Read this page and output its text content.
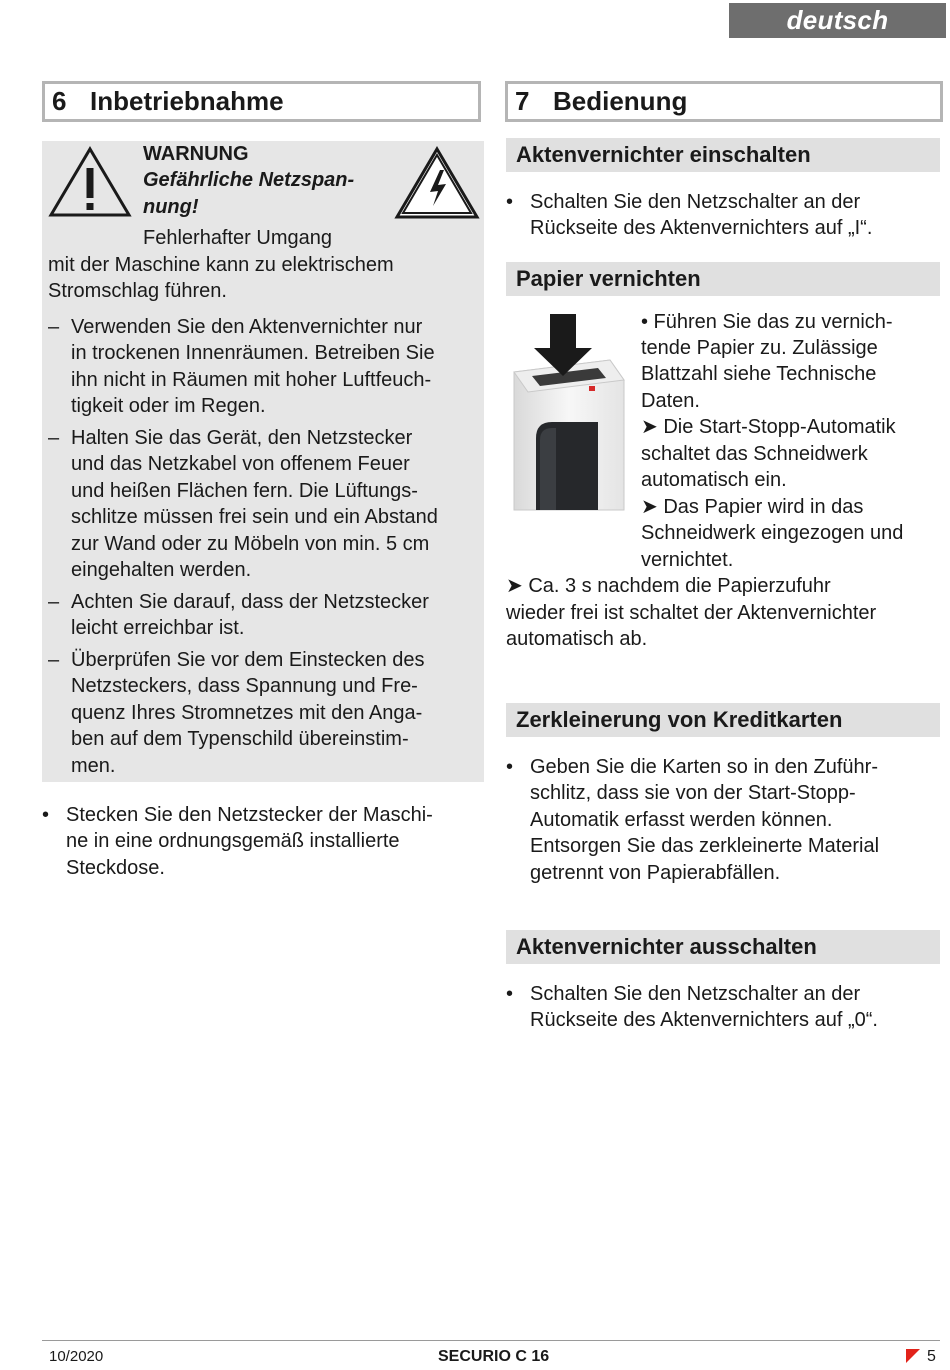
deutsch
6 Inbetriebnahme
WARNUNG
Gefährliche Netzspan-
nung!
Fehlerhafter Umgang
mit der Maschine kann zu elektrischem
Stromschlag führen.
– Verwenden Sie den Aktenvernichter nur
in trockenen Innenräumen. Betreiben Sie
ihn nicht in Räumen mit hoher Luftfeuch-
tigkeit oder im Regen.
– Halten Sie das Gerät, den Netzstecker
und das Netzkabel von offenem Feuer
und heißen Flächen fern. Die Lüftungs-
schlitze müssen frei sein und ein Abstand
zur Wand oder zu Möbeln von min. 5 cm
eingehalten werden.
– Achten Sie darauf, dass der Netzstecker
leicht erreichbar ist.
– Überprüfen Sie vor dem Einstecken des
Netzsteckers, dass Spannung und Fre-
quenz Ihres Stromnetzes mit den Anga-
ben auf dem Typenschild übereinstim-
men.
• Stecken Sie den Netzstecker der Maschi-
ne in eine ordnungsgemäß installierte
Steckdose.
7 Bedienung
Aktenvernichter einschalten
• Schalten Sie den Netzschalter an der
Rückseite des Aktenvernichters auf „I“.
Papier vernichten
• Führen Sie das zu vernich-
tende Papier zu. Zulässige
Blattzahl siehe Technische
Daten.
➤ Die Start-Stopp-Automatik
schaltet das Schneidwerk
automatisch ein.
➤ Das Papier wird in das
Schneidwerk eingezogen und
vernichtet.
➤ Ca. 3 s nachdem die Papierzufuhr
wieder frei ist schaltet der Aktenvernichter
automatisch ab.
Zerkleinerung von Kreditkarten
• Geben Sie die Karten so in den Zuführ-
schlitz, dass sie von der Start-Stopp-
Automatik erfasst werden können.
Entsorgen Sie das zerkleinerte Material
getrennt von Papierabfällen.
Aktenvernichter ausschalten
• Schalten Sie den Netzschalter an der
Rückseite des Aktenvernichters auf „0“.
10/2020	SECURIO C 16	5
